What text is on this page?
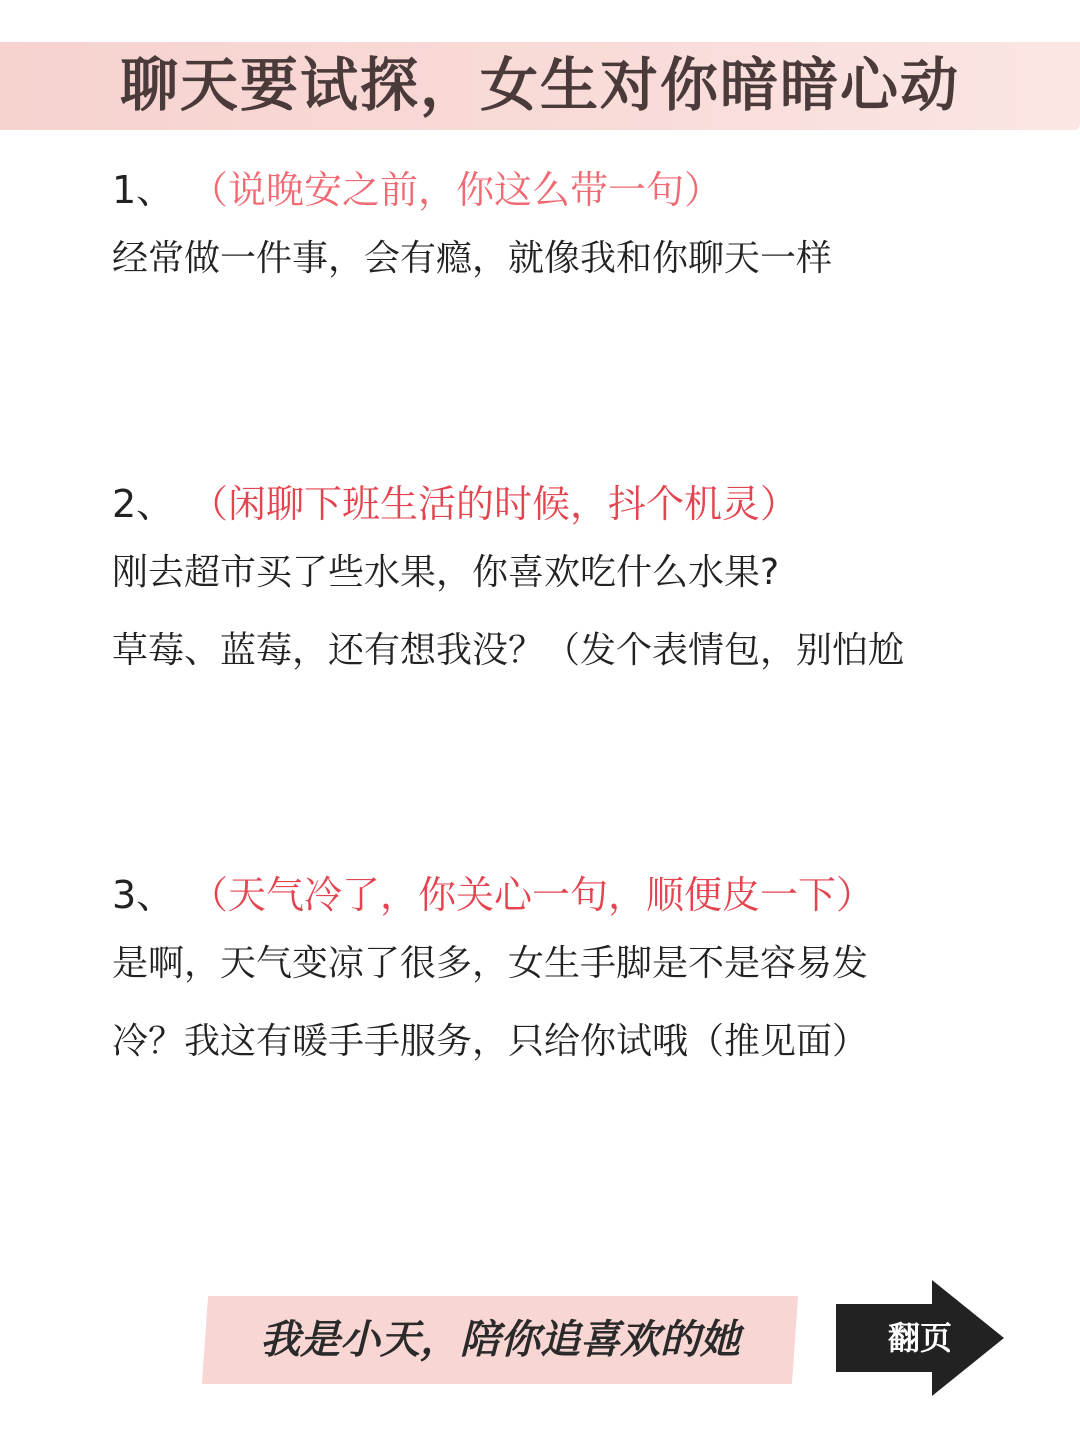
聊天要试探，女生对你暗暗心动
1、 （说晚安之前，你这么带一句）
经常做一件事，会有瘾，就像我和你聊天一样
2、 （闲聊下班生活的时候，抖个机灵）
刚去超市买了些水果，你喜欢吃什么水果?
草莓、蓝莓，还有想我没？（发个表情包，别怕尬
3、 （天气冷了，你关心一句，顺便皮一下）
是啊，天气变凉了很多，女生手脚是不是容易发
冷？我这有暖手手服务，只给你试哦（推见面）
我是小天，陪你追喜欢的她	翻页
